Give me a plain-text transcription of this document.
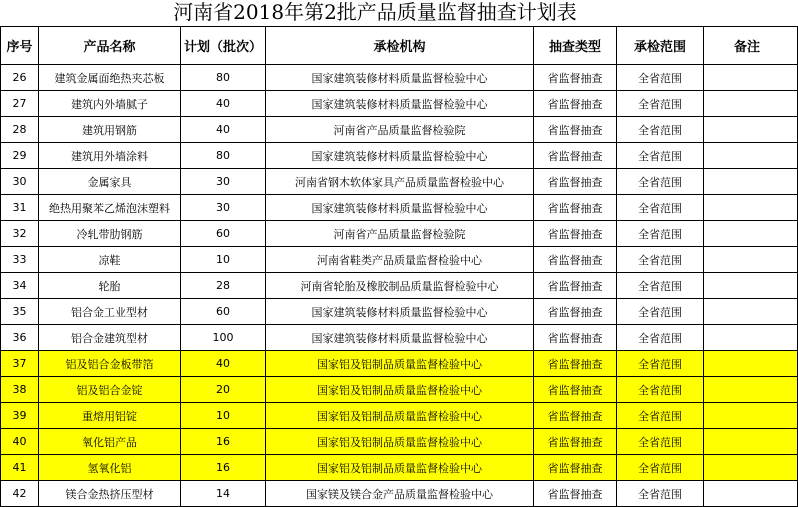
河南省2018年第2批产品质量监督抽查计划表
序号	产品名称	计划（批次）	承检机构	抽查类型	承检范围	备注
26	建筑金属面绝热夹芯板	80	国家建筑装修材料质量监督检验中心	省监督抽查	全省范围	
27	建筑内外墙腻子	40	国家建筑装修材料质量监督检验中心	省监督抽查	全省范围	
28	建筑用钢筋	40	河南省产品质量监督检验院	省监督抽查	全省范围	
29	建筑用外墙涂料	80	国家建筑装修材料质量监督检验中心	省监督抽查	全省范围	
30	金属家具	30	河南省钢木软体家具产品质量监督检验中心	省监督抽查	全省范围	
31	绝热用聚苯乙烯泡沫塑料	30	国家建筑装修材料质量监督检验中心	省监督抽查	全省范围	
32	冷轧带肋钢筋	60	河南省产品质量监督检验院	省监督抽查	全省范围	
33	凉鞋	10	河南省鞋类产品质量监督检验中心	省监督抽查	全省范围	
34	轮胎	28	河南省轮胎及橡胶制品质量监督检验中心	省监督抽查	全省范围	
35	铝合金工业型材	60	国家建筑装修材料质量监督检验中心	省监督抽查	全省范围	
36	铝合金建筑型材	100	国家建筑装修材料质量监督检验中心	省监督抽查	全省范围	
37	铝及铝合金板带箔	40	国家铝及铝制品质量监督检验中心	省监督抽查	全省范围	
38	铝及铝合金锭	20	国家铝及铝制品质量监督检验中心	省监督抽查	全省范围	
39	重熔用铝锭	10	国家铝及铝制品质量监督检验中心	省监督抽查	全省范围	
40	氧化铝产品	16	国家铝及铝制品质量监督检验中心	省监督抽查	全省范围	
41	氢氧化铝	16	国家铝及铝制品质量监督检验中心	省监督抽查	全省范围	
42	镁合金热挤压型材	14	国家镁及镁合金产品质量监督检验中心	省监督抽查	全省范围	
